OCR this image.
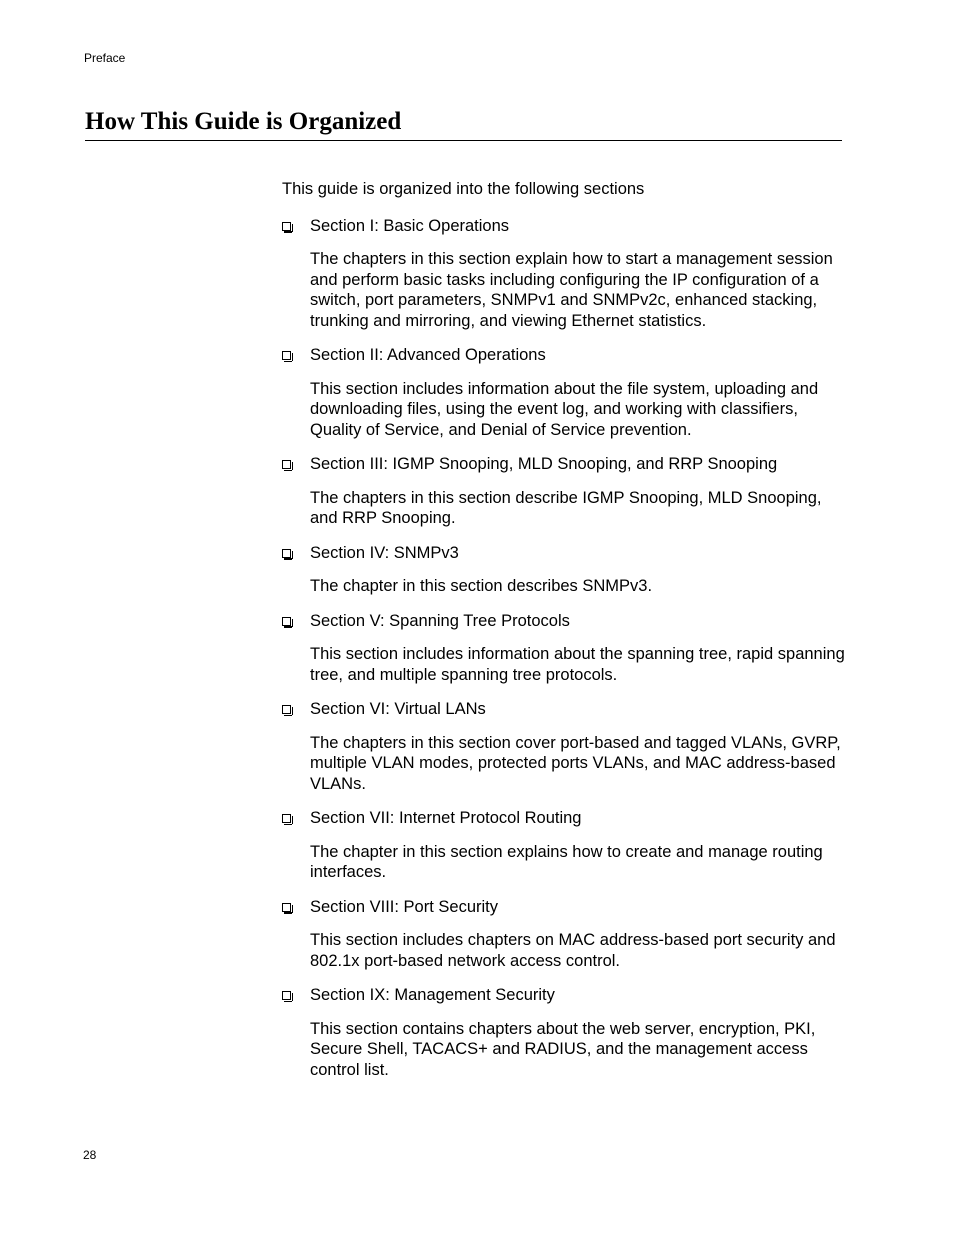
Preface
How This Guide is Organized

This guide is organized into the following sections

Section I: Basic Operations

The chapters in this section explain how to start a management session and perform basic tasks including configuring the IP configuration of a switch, port parameters, SNMPv1 and SNMPv2c, enhanced stacking, trunking and mirroring, and viewing Ethernet statistics.

Section II: Advanced Operations

This section includes information about the file system, uploading and downloading files, using the event log, and working with classifiers, Quality of Service, and Denial of Service prevention.

Section III: IGMP Snooping, MLD Snooping, and RRP Snooping

The chapters in this section describe IGMP Snooping, MLD Snooping, and RRP Snooping.

Section IV: SNMPv3

The chapter in this section describes SNMPv3.

Section V: Spanning Tree Protocols

This section includes information about the spanning tree, rapid spanning tree, and multiple spanning tree protocols.

Section VI: Virtual LANs

The chapters in this section cover port-based and tagged VLANs, GVRP, multiple VLAN modes, protected ports VLANs, and MAC address-based VLANs.

Section VII: Internet Protocol Routing

The chapter in this section explains how to create and manage routing interfaces.

Section VIII: Port Security

This section includes chapters on MAC address-based port security and 802.1x port-based network access control.

Section IX: Management Security

This section contains chapters about the web server, encryption, PKI, Secure Shell, TACACS+ and RADIUS, and the management access control list.

28
